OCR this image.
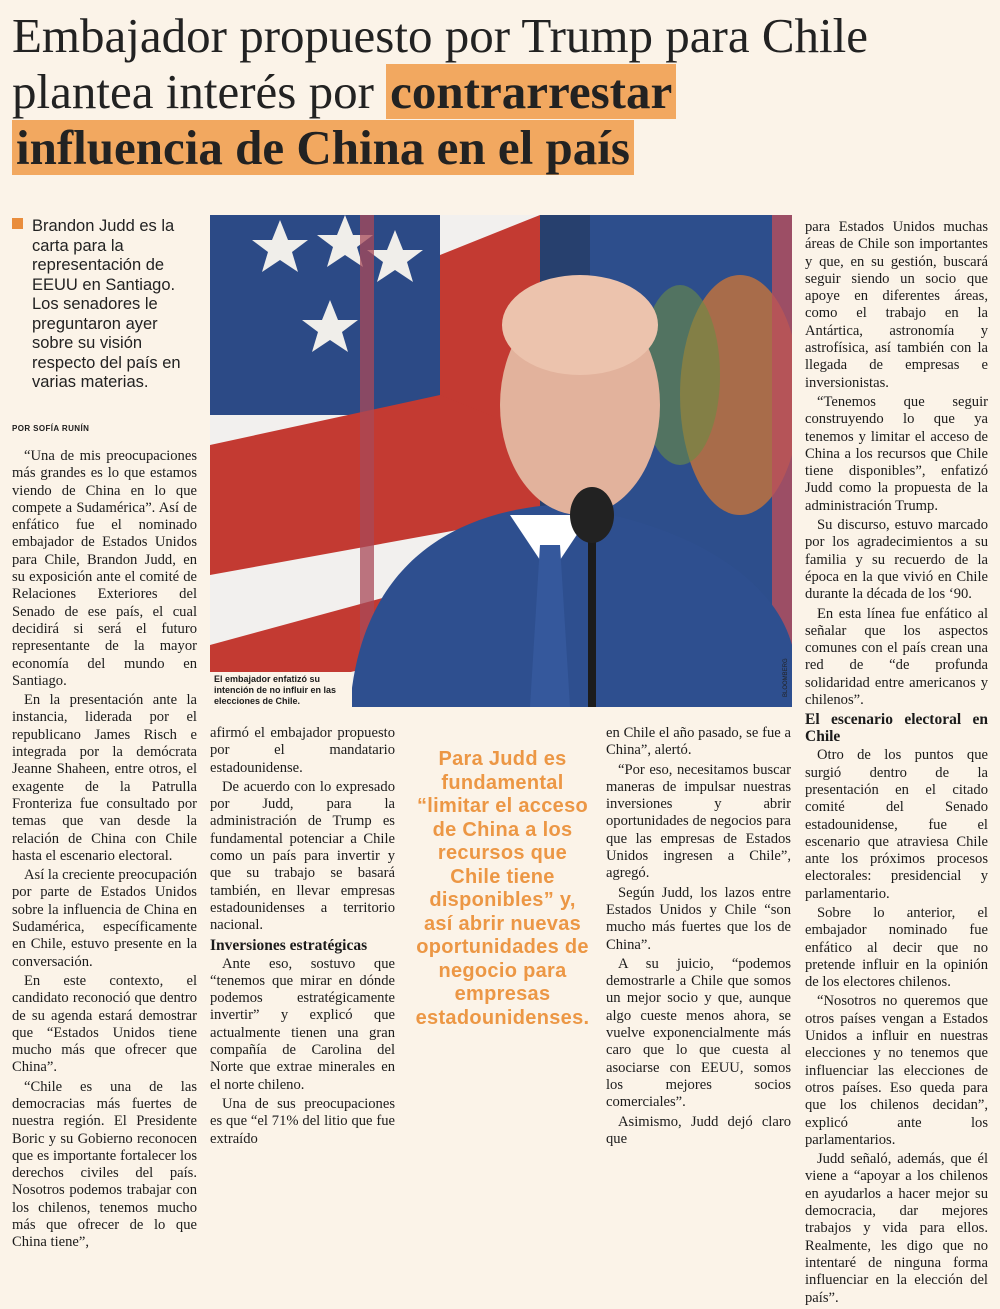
Embajador propuesto por Trump para Chile plantea interés por contrarrestar
influencia de China en el país
Brandon Judd es la carta para la representación de EEUU en Santiago. Los senadores le preguntaron ayer sobre su visión respecto del país en varias materias.
POR SOFÍA RUNÍN

“Una de mis preocupaciones más grandes es lo que estamos viendo de China en lo que compete a Sudamérica”. Así de enfático fue el nominado embajador de Estados Unidos para Chile, Brandon Judd, en su exposición ante el comité de Relaciones Exteriores del Senado de ese país, el cual decidirá si será el futuro representante de la mayor economía del mundo en Santiago.

En la presentación ante la instancia, liderada por el republicano James Risch e integrada por la demócrata Jeanne Shaheen, entre otros, el exagente de la Patrulla Fronteriza fue consultado por temas que van desde la relación de China con Chile hasta el escenario electoral.

Así la creciente preocupación por parte de Estados Unidos sobre la influencia de China en Sudamérica, específicamente en Chile, estuvo presente en la conversación.

En este contexto, el candidato reconoció que dentro de su agenda estará demostrar que “Estados Unidos tiene mucho más que ofrecer que China”.

“Chile es una de las democracias más fuertes de nuestra región. El Presidente Boric y su Gobierno reconocen que es importante fortalecer los derechos civiles del país. Nosotros podemos trabajar con los chilenos, tenemos mucho más que ofrecer de lo que China tiene”,

El embajador enfatizó su intención de no influir en las elecciones de Chile.
BLOOMBERG

afirmó el embajador propuesto por el mandatario estadounidense.

De acuerdo con lo expresado por Judd, para la administración de Trump es fundamental potenciar a Chile como un país para invertir y que su trabajo se basará también, en llevar empresas estadounidenses a territorio nacional.

Inversiones estratégicas

Ante eso, sostuvo que “tenemos que mirar en dónde podemos estratégicamente invertir” y explicó que actualmente tienen una gran compañía de Carolina del Norte que extrae minerales en el norte chileno.

Una de sus preocupaciones es que “el 71% del litio que fue extraído

Para Judd es fundamental “limitar el acceso de China a los recursos que Chile tiene disponibles” y, así abrir nuevas oportunidades de negocio para empresas estadounidenses.

en Chile el año pasado, se fue a China”, alertó.

“Por eso, necesitamos buscar maneras de impulsar nuestras inversiones y abrir oportunidades de negocios para que las empresas de Estados Unidos ingresen a Chile”, agregó.

Según Judd, los lazos entre Estados Unidos y Chile “son mucho más fuertes que los de China”.

A su juicio, “podemos demostrarle a Chile que somos un mejor socio y que, aunque algo cueste menos ahora, se vuelve exponencialmente más caro que lo que cuesta al asociarse con EEUU, somos los mejores socios comerciales”.

Asimismo, Judd dejó claro que

para Estados Unidos muchas áreas de Chile son importantes y que, en su gestión, buscará seguir siendo un socio que apoye en diferentes áreas, como el trabajo en la Antártica, astronomía y astrofísica, así también con la llegada de empresas e inversionistas.

“Tenemos que seguir construyendo lo que ya tenemos y limitar el acceso de China a los recursos que Chile tiene disponibles”, enfatizó Judd como la propuesta de la administración Trump.

Su discurso, estuvo marcado por los agradecimientos a su familia y su recuerdo de la época en la que vivió en Chile durante la década de los ‘90.

En esta línea fue enfático al señalar que los aspectos comunes con el país crean una red de “de profunda solidaridad entre americanos y chilenos”.

El escenario electoral en Chile

Otro de los puntos que surgió dentro de la presentación en el citado comité del Senado estadounidense, fue el escenario que atraviesa Chile ante los próximos procesos electorales: presidencial y parlamentario.

Sobre lo anterior, el embajador nominado fue enfático al decir que no pretende influir en la opinión de los electores chilenos.

“Nosotros no queremos que otros países vengan a Estados Unidos a influir en nuestras elecciones y no tenemos que influenciar las elecciones de otros países. Eso queda para que los chilenos decidan”, explicó ante los parlamentarios.

Judd señaló, además, que él viene a “apoyar a los chilenos en ayudarlos a hacer mejor su democracia, dar mejores trabajos y vida para ellos. Realmente, les digo que no intentaré de ninguna forma influenciar en la elección del país”.
